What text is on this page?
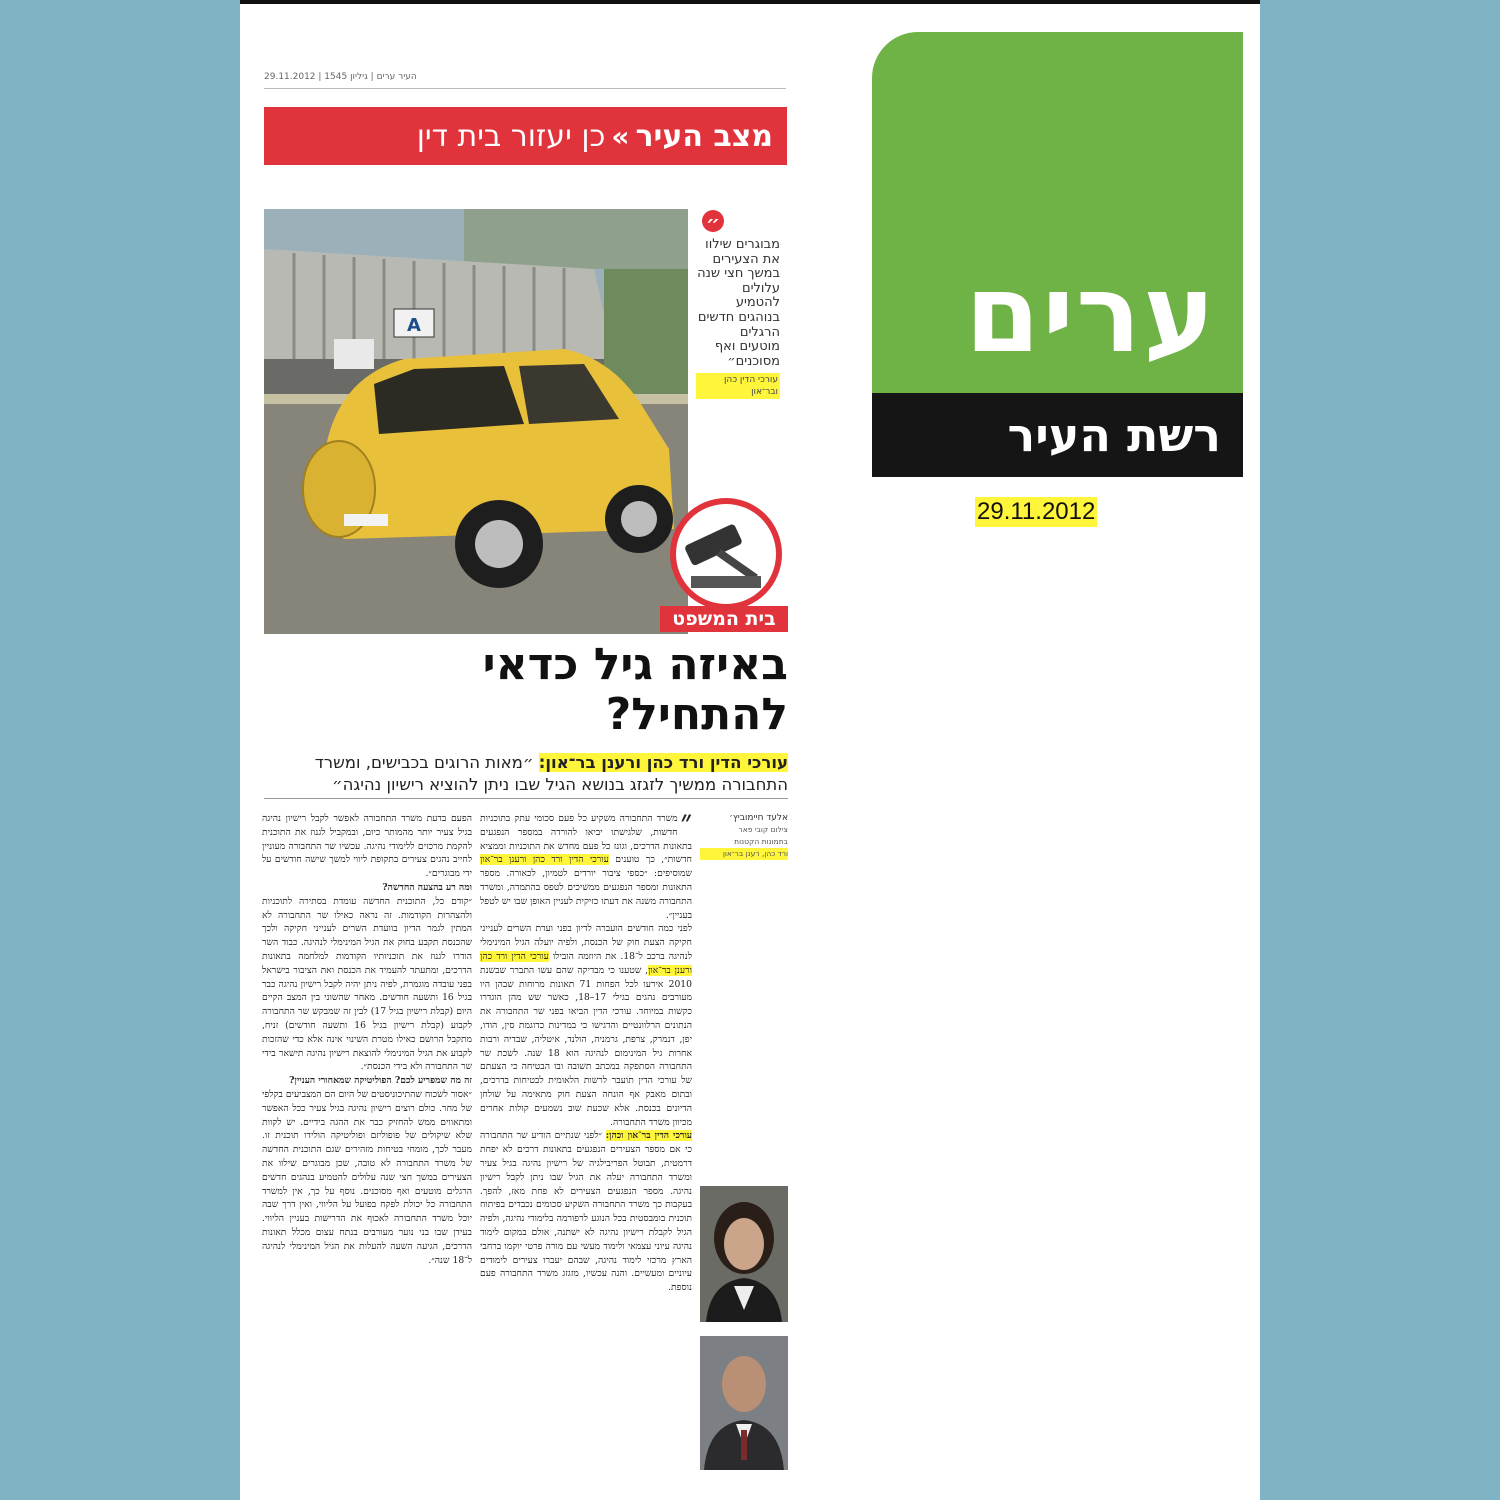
העיר ערים | גיליון 1545 | 29.11.2012
מצב העיר
»
כן יעזור בית דין
A
״
מבוגרים שילוו את הצעירים במשך חצי שנה עלולים להטמיע בנוהגים חדשים הרגלים מוטעים ואף מסוכנים״
עורכי הדין כהן ובר־און
בית המשפט
באיזה גיל כדאי
להתחיל?
עורכי הדין ורד כהן ורענן בר־און: ״מאות הרוגים בכבישים, ומשרד התחבורה ממשיך לזגזג בנושא הגיל שבו ניתן להוציא רישיון נהיגה״
אלעד חיימוביץ׳
צילום קובי פאר
בתמונות הקטנות
ורד כהן, רענן בר־און
״
משרד התחבורה משקיע כל פעם סכומי עתק בתוכניות חדשות, שלגישתו יביאו להורדה במספר הנפגעים בתאונות הדרכים, וגונז כל פעם מחדש את התוכניות וממציא חדשות״, כך טוענים עורכי הדין ורד כהן ורענן בר־און שמוסיפים: ״כספי ציבור יורדים לטמיון, לכאורה. מספר התאונות ומספר הנפגעים ממשיכים לטפס בהתמדה, ומשרד התחבורה משנה את דעתו כזיקית לעניין האופן שבו יש לטפל בעניין״.
לפני כמה חודשים הועברה לדיון בפני ועדת השרים לענייני חקיקה הצעת חוק של הכנסת, ולפיה יועלה הגיל המינימלי לנהיגה ברכב ל־18. את היוזמה הובילו עורכי הדין ורד כהן ורענן בר־און, שטענו כי מבדיקה שהם עשו התברר שבשנת 2010 אירעו לכל הפחות 71 תאונות מרוחות שבהן היו מעורבים נהגים בגילי 17–18, כאשר שש מהן הוגדרו כקשות במיוחד. עורכי הדין הביאו בפני שר התחבורה את הנתונים הרלוונטיים והדגישו כי במדינות כדוגמת סין, הודו, יפן, דנמרק, צרפת, גרמניה, הולנד, איטליה, שבדיה ורבות אחרות גיל המינימום לנהיגה הוא 18 שנה. לשכת שר התחבורה הסתפקה במכתב תשובה ובו הבטיחה כי הצעתם של עורכי הדין תועבר לרשות הלאומית לבטיחות בדרכים, ובתום מאבק אף הונחה הצעת חוק מתאימה על שולחן הדיונים בכנסת. אלא שכעת שוב נשמעים קולות אחרים מכיוון משרד התחבורה.
עורכי הדין בר־און וכהן: ״לפני שנתיים הודיע שר התחבורה כי אם מספר הצעירים הנפגעים בתאונות דרכים לא יפחת דרמטית, תבוטל הפריבילגיה של רישיון נהיגה בגיל צעיר ומשרד התחבורה יעלה את הגיל שבו ניתן לקבל רישיון נהיגה. מספר הנפגעים הצעירים לא פחת מאז, להפך. בעקבות כך משרד התחבורה השקיע סכומים נכבדים בפיתוח תוכנית בומבסטית בכל הנוגע לרפורמה בלימודי נהיגה, ולפיה הגיל לקבלת רישיון נהיגה לא ישתנה, אולם במקום לימוד נהיגה עיוני עצמאי ולימוד מעשי עם מורה פרטי יוקמו ברחבי הארץ מרכזי לימוד נהיגה, שבהם יעברו צעירים לימודים עיוניים ומעשיים. והנה עכשיו, מזגזג משרד התחבורה פעם נוספת.
הפעם בדעת משרד התחבורה לאפשר לקבל רישיון נהיגה בגיל צעיר יותר מהמותר כיום, ובמקביל לגנוז את התוכנית להקמת מרכזים ללימודי נהיגה. עכשיו שר התחבורה מעוניין לחייב נהגים צעירים בתקופת ליווי למשך שישה חודשים על ידי מבוגרים״.
ומה רע בהצעה החדשה?
״קודם כל, התוכנית החדשה עומדת בסתירה לתוכניות ולהצהרות הקודמות. זה נראה כאילו שר התחבורה לא המתין לגמר הדיון בוועדת השרים לענייני חקיקה ולכך שהכנסת תקבע בחוק את הגיל המינימלי לנהיגה. כבוד השר הודרו לגנוז את תוכניותיו הקודמות למלחמה בתאונות הדרכים, ומתעתד להעמיד את הכנסת ואת הציבור בישראל בפני עובדה מוגמרת, לפיה ניתן יהיה לקבל רישיון נהיגה כבר בגיל 16 ותשעה חודשים. מאחר שהשוני בין המצב הקיים היום (קבלת רישיון בגיל 17) לבין זה שמבקש שר התחבורה לקבוע (קבלת רישיון בגיל 16 ותשעה חודשים) זניח, מתקבל הרושם כאילו מטרת השינוי אינה אלא כדי שהזכות לקבוע את הגיל המינימלי להוצאת רישיון נהיגה תישאר בידי שר התחבורה ולא בידי הכנסת״.
זה מה שמפריע לכם? הפוליטיקה שמאחורי העניין?
״אסור לשכוח שהתיכוניסטים של היום הם המצביעים בקלפי של מחר. כולם רוצים רישיון נהיגה בגיל צעיר ככל האפשר ומתאווים ממש להחזיק כבר את ההגה בידיים. יש לקוות שלא שיקולים של פופוליזם ופוליטיקה הולידו תוכנית זו. מעבר לכך, מומחי בטיחות מזהירים שגם התוכנית החדשה של משרד התחבורה לא טובה, שכן מבוגרים שילוו את הצעירים במשך חצי שנה עלולים להטמיע בנהגים חדשים הרגלים מוטעים ואף מסוכנים. נוסף על כך, אין למשרד התחבורה כל יכולת לפקח בפועל על הליווי, ואין דרך שבה יוכל משרד התחבורה לאכוף את הדרישות בעניין הליווי. בעידן שבו בני נוער מעורבים בנתח עצום מכלל תאונות הדרכים, הגיעה השעה להעלות את הגיל המינימלי לנהיגה ל־18 שנה״.
ערים
רשת העיר
29.11.2012
